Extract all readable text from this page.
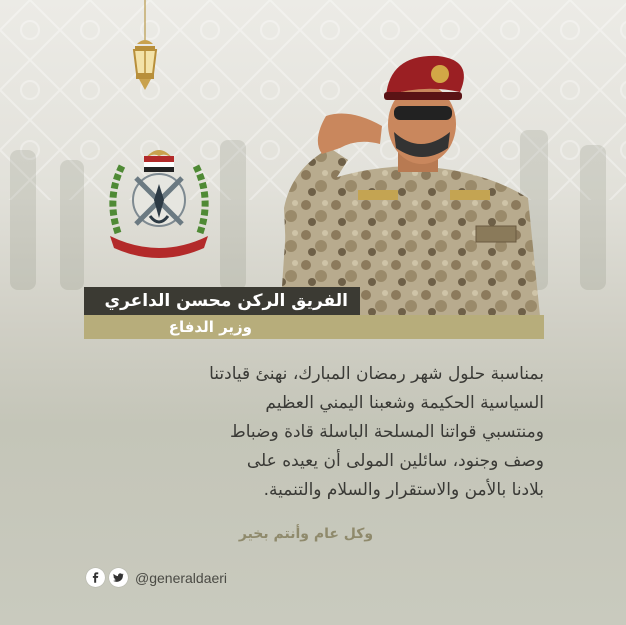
الفريق الركن محسن الداعري
وزير الدفاع
بمناسبة حلول شهر رمضان المبارك، نهنئ قيادتنا
السياسية الحكيمة وشعبنا اليمني العظيم
ومنتسبي قواتنا المسلحة الباسلة قادة وضباط
وصف وجنود، سائلين المولى أن يعيده على
بلادنا بالأمن والاستقرار والسلام والتنمية.
وكل عام وأنتم بخير
@generaldaeri
